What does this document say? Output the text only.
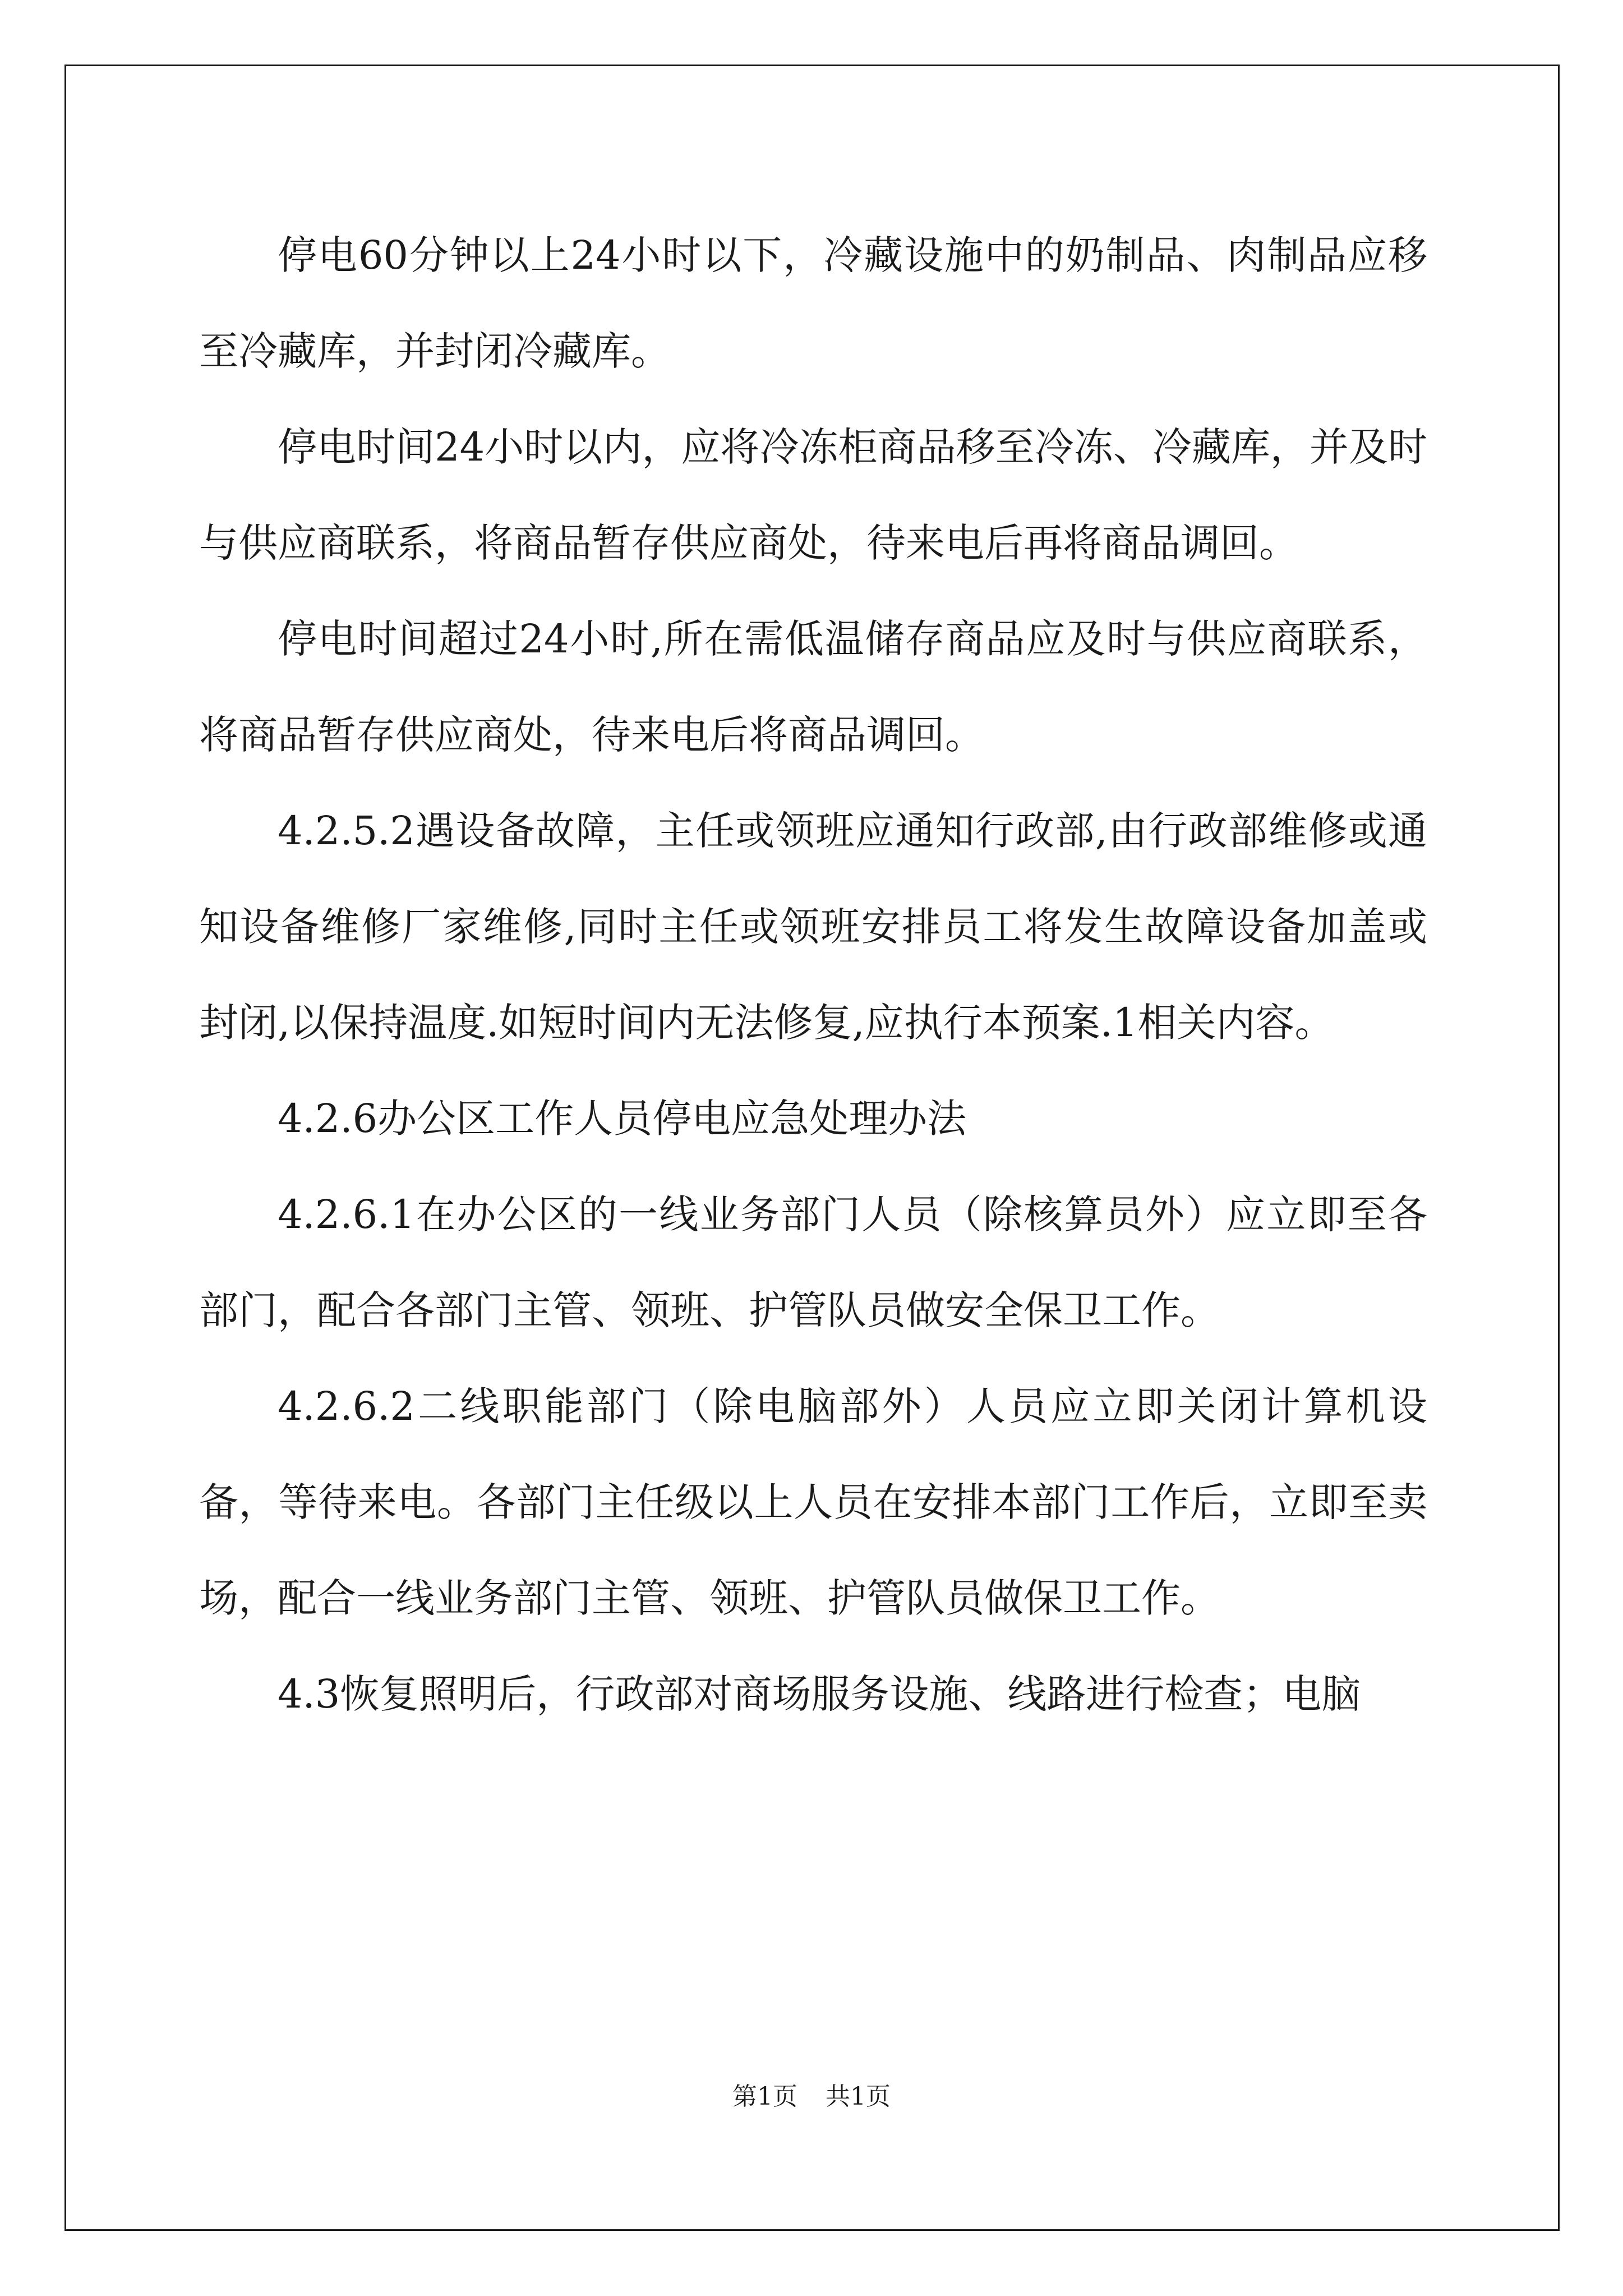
停电60分钟以上24小时以下，冷藏设施中的奶制品、肉制品应移至冷藏库，并封闭冷藏库。

停电时间24小时以内，应将冷冻柜商品移至冷冻、冷藏库，并及时与供应商联系，将商品暂存供应商处，待来电后再将商品调回。

停电时间超过24小时,所在需低温储存商品应及时与供应商联系，将商品暂存供应商处，待来电后将商品调回。

4.2.5.2遇设备故障，主任或领班应通知行政部,由行政部维修或通知设备维修厂家维修,同时主任或领班安排员工将发生故障设备加盖或封闭,以保持温度.如短时间内无法修复,应执行本预案.1相关内容。

4.2.6办公区工作人员停电应急处理办法

4.2.6.1在办公区的一线业务部门人员（除核算员外）应立即至各部门，配合各部门主管、领班、护管队员做安全保卫工作。

4.2.6.2二线职能部门（除电脑部外）人员应立即关闭计算机设备，等待来电。各部门主任级以上人员在安排本部门工作后，立即至卖场，配合一线业务部门主管、领班、护管队员做保卫工作。

4.3恢复照明后，行政部对商场服务设施、线路进行检查；电脑

第1页 共1页
